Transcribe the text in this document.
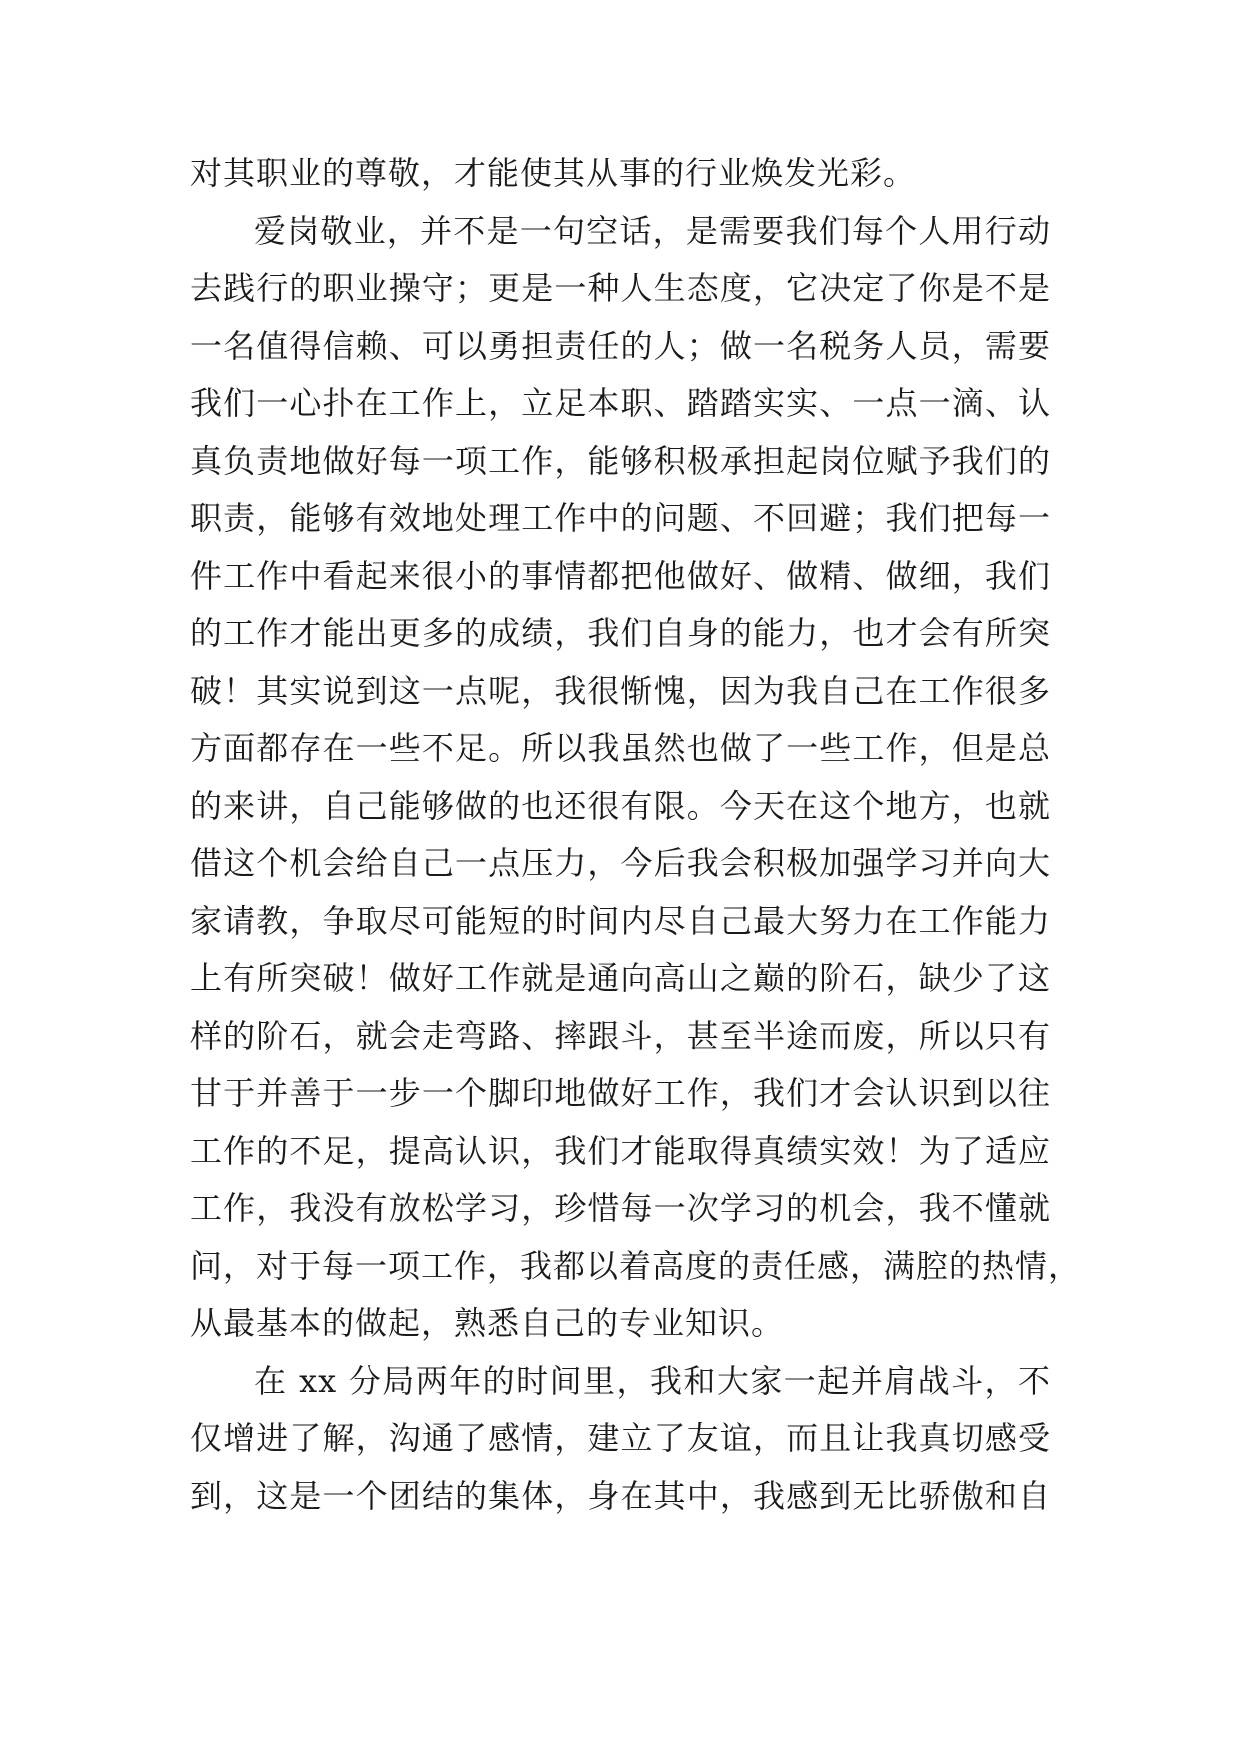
对其职业的尊敬，才能使其从事的行业焕发光彩。
爱岗敬业，并不是一句空话，是需要我们每个人用行动
去践行的职业操守；更是一种人生态度，它决定了你是不是
一名值得信赖、可以勇担责任的人；做一名税务人员，需要
我们一心扑在工作上，立足本职、踏踏实实、一点一滴、认
真负责地做好每一项工作，能够积极承担起岗位赋予我们的
职责，能够有效地处理工作中的问题、不回避；我们把每一
件工作中看起来很小的事情都把他做好、做精、做细，我们
的工作才能出更多的成绩，我们自身的能力，也才会有所突
破！其实说到这一点呢，我很惭愧，因为我自己在工作很多
方面都存在一些不足。所以我虽然也做了一些工作，但是总
的来讲，自己能够做的也还很有限。今天在这个地方，也就
借这个机会给自己一点压力，今后我会积极加强学习并向大
家请教，争取尽可能短的时间内尽自己最大努力在工作能力
上有所突破！做好工作就是通向高山之巅的阶石，缺少了这
样的阶石，就会走弯路、摔跟斗，甚至半途而废，所以只有
甘于并善于一步一个脚印地做好工作，我们才会认识到以往
工作的不足，提高认识，我们才能取得真绩实效！为了适应
工作，我没有放松学习，珍惜每一次学习的机会，我不懂就
问，对于每一项工作，我都以着高度的责任感，满腔的热情，
从最基本的做起，熟悉自己的专业知识。
在 xx 分局两年的时间里，我和大家一起并肩战斗，不
仅增进了解，沟通了感情，建立了友谊，而且让我真切感受
到，这是一个团结的集体，身在其中，我感到无比骄傲和自
